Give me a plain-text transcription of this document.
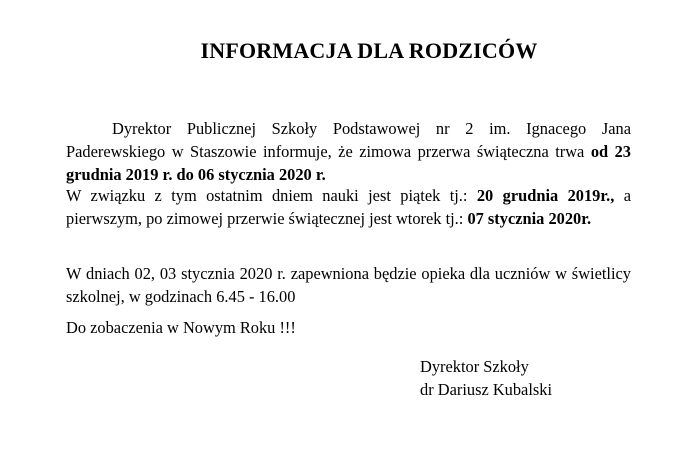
INFORMACJA DLA RODZICÓW

Dyrektor Publicznej Szkoły Podstawowej nr 2 im. Ignacego Jana Paderewskiego w Staszowie informuje, że zimowa przerwa świąteczna trwa od 23 grudnia 2019 r. do 06 stycznia 2020 r.

W związku z tym ostatnim dniem nauki jest piątek tj.: 20 grudnia 2019r., a pierwszym, po zimowej przerwie świątecznej jest wtorek tj.: 07 stycznia 2020r.

W dniach 02, 03 stycznia 2020 r. zapewniona będzie opieka dla uczniów w świetlicy szkolnej, w godzinach 6.45 - 16.00

Do zobaczenia w Nowym Roku !!!

Dyrektor Szkoły
dr Dariusz Kubalski
